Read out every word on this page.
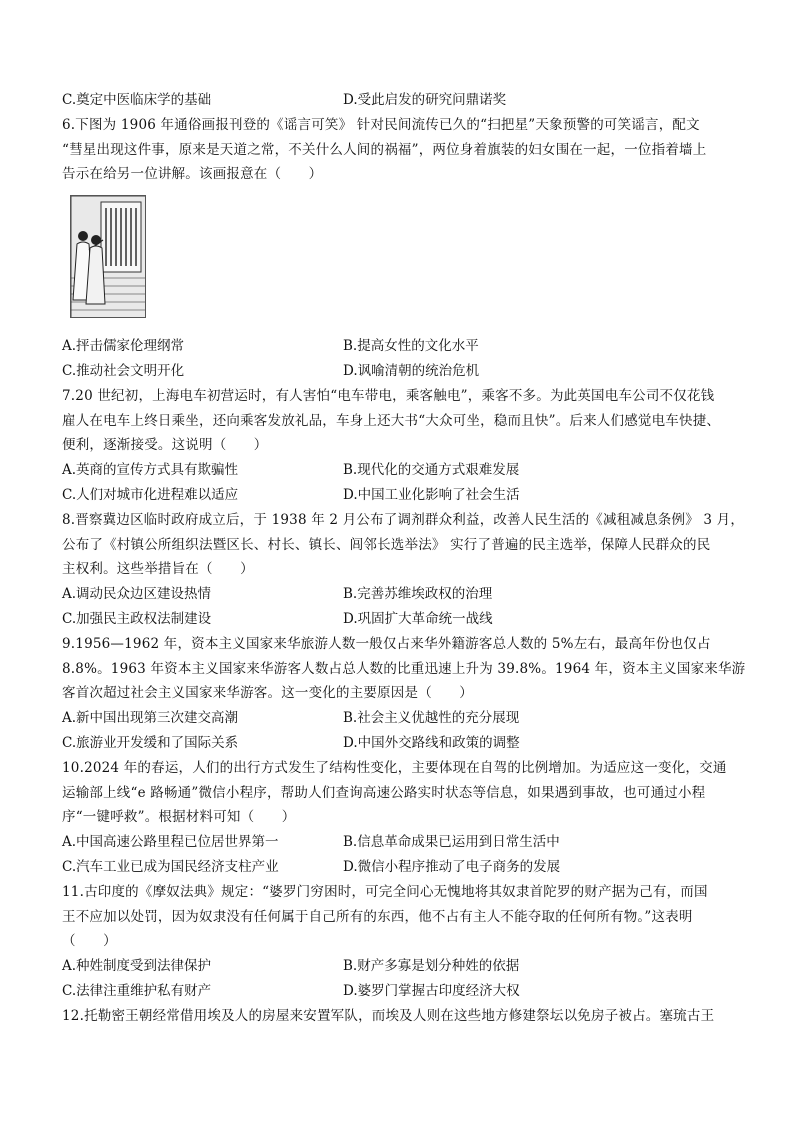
C.奠定中医临床学的基础	D.受此启发的研究问鼎诺奖
6.下图为 1906 年通俗画报刊登的《谣言可笑》 针对民间流传已久的“扫把星”天象预警的可笑谣言，配文
“彗星出现这件事，原来是天道之常，不关什么人间的祸福”，两位身着旗装的妇女围在一起，一位指着墙上
告示在给另一位讲解。该画报意在（　　）
A.抨击儒家伦理纲常	B.提高女性的文化水平
C.推动社会文明开化	D.讽喻清朝的统治危机
7.20 世纪初，上海电车初营运时，有人害怕“电车带电，乘客触电”，乘客不多。为此英国电车公司不仅花钱
雇人在电车上终日乘坐，还向乘客发放礼品，车身上还大书“大众可坐，稳而且快”。后来人们感觉电车快捷、
便利，逐渐接受。这说明（　　）
A.英商的宣传方式具有欺骗性	B.现代化的交通方式艰难发展
C.人们对城市化进程难以适应	D.中国工业化影响了社会生活
8.晋察冀边区临时政府成立后，于 1938 年 2 月公布了调剂群众利益，改善人民生活的《减租减息条例》 3 月，
公布了《村镇公所组织法暨区长、村长、镇长、闾邻长选举法》 实行了普遍的民主选举，保障人民群众的民
主权利。这些举措旨在（　　）
A.调动民众边区建设热情	B.完善苏维埃政权的治理
C.加强民主政权法制建设	D.巩固扩大革命统一战线
9.1956—1962 年，资本主义国家来华旅游人数一般仅占来华外籍游客总人数的 5%左右，最高年份也仅占
8.8%。1963 年资本主义国家来华游客人数占总人数的比重迅速上升为 39.8%。1964 年，资本主义国家来华游
客首次超过社会主义国家来华游客。这一变化的主要原因是（　　）
A.新中国出现第三次建交高潮	B.社会主义优越性的充分展现
C.旅游业开发缓和了国际关系	D.中国外交路线和政策的调整
10.2024 年的春运，人们的出行方式发生了结构性变化，主要体现在自驾的比例增加。为适应这一变化，交通
运输部上线“e 路畅通”微信小程序，帮助人们查询高速公路实时状态等信息，如果遇到事故，也可通过小程
序“一键呼救”。根据材料可知（　　）
A.中国高速公路里程已位居世界第一	B.信息革命成果已运用到日常生活中
C.汽车工业已成为国民经济支柱产业	D.微信小程序推动了电子商务的发展
11.古印度的《摩奴法典》规定：“婆罗门穷困时，可完全问心无愧地将其奴隶首陀罗的财产据为己有，而国
王不应加以处罚，因为奴隶没有任何属于自己所有的东西，他不占有主人不能夺取的任何所有物。”这表明
（　　）
A.种姓制度受到法律保护	B.财产多寡是划分种姓的依据
C.法律注重维护私有财产	D.婆罗门掌握古印度经济大权
12.托勒密王朝经常借用埃及人的房屋来安置军队，而埃及人则在这些地方修建祭坛以免房子被占。塞琉古王
